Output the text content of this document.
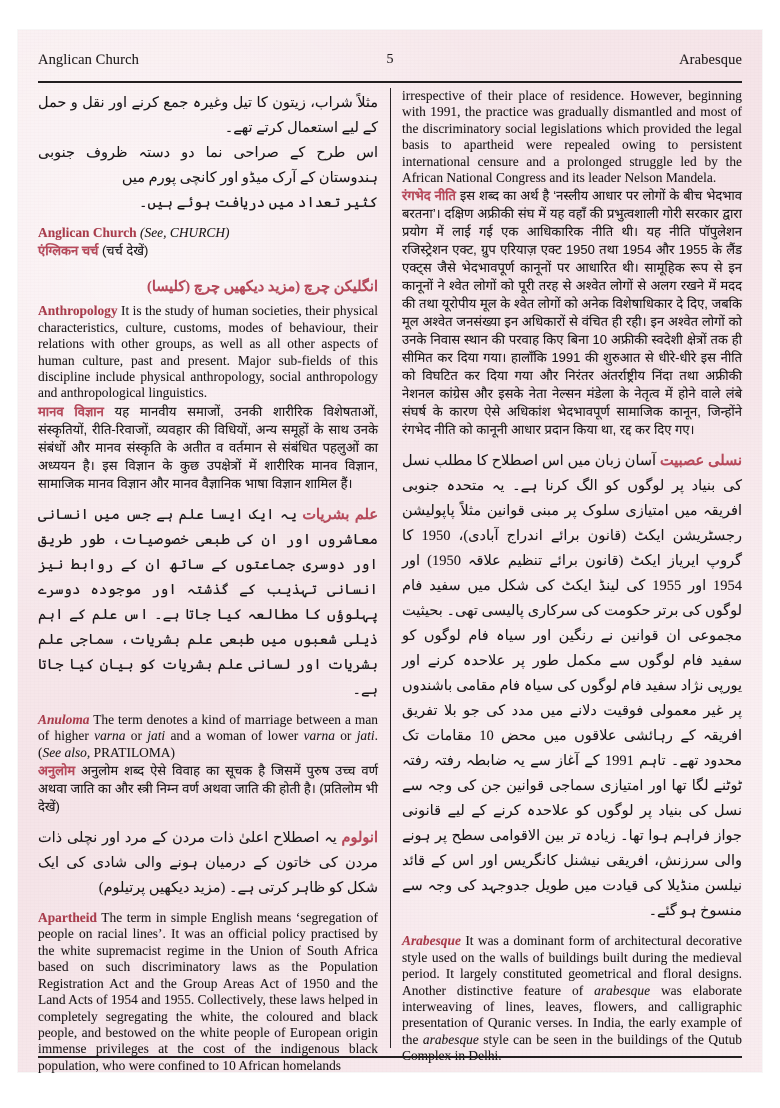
Anglican Church	5	Arabesque
مثلاً شراب، زیتون کا تیل وغیرہ جمع کرنے اور نقل و حمل کے لیے استعمال کرتے تھے۔
اس طرح کے صراحی نما دو دستہ ظروف جنوبی ہندوستان کے آرک میڈو اور کانچی پورم میں
کثیر تعداد میں دریافت ہوئے ہیں۔

Anglican Church (See, CHURCH)

एंग्लिकन चर्च (चर्च देखें)

انگلیکن چرچ (مزید دیکھیں چرچ (کلیسا)

Anthropology It is the study of human societies, their physical characteristics, culture, customs, modes of behaviour, their relations with other groups, as well as all other aspects of human culture, past and present. Major sub-fields of this discipline include physical anthropology, social anthropology and anthropological linguistics.

मानव विज्ञान यह मानवीय समाजों, उनकी शारीरिक विशेषताओं, संस्कृतियों, रीति-रिवाजों, व्यवहार की विधियों, अन्य समूहों के साथ उनके संबंधों और मानव संस्कृति के अतीत व वर्तमान से संबंधित पहलुओं का अध्ययन है। इस विज्ञान के कुछ उपक्षेत्रों में शारीरिक मानव विज्ञान, सामाजिक मानव विज्ञान और मानव वैज्ञानिक भाषा विज्ञान शामिल हैं।

علم بشریات یہ ایک ایسا علم ہے جس میں انسانی معاشروں اور ان کی طبعی خصوصیات، طور طریق اور دوسری جماعتوں کے ساتھ ان کے روابط نیز انسانی تہذیب کے گذشتہ اور موجودہ دوسرے پہلوؤں کا مطالعہ کیا جاتا ہے۔ اس علم کے اہم ذیلی شعبوں میں طبعی علم بشریات، سماجی علم بشریات اور لسانی علم بشریات کو بیان کیا جاتا ہے۔

Anuloma The term denotes a kind of marriage between a man of higher varna or jati and a woman of lower varna or jati. (See also, PRATILOMA)

अनुलोम अनुलोम शब्द ऐसे विवाह का सूचक है जिसमें पुरुष उच्च वर्ण अथवा जाति का और स्त्री निम्न वर्ण अथवा जाति की होती है। (प्रतिलोम भी देखें)

انولوم یہ اصطلاح اعلیٰ ذات مردن کے مرد اور نچلی ذات مردن کی خاتون کے درمیان ہونے والی شادی کی ایک شکل کو ظاہر کرتی ہے۔ (مزید دیکھیں پرتیلوم)

Apartheid The term in simple English means ‘segregation of people on racial lines’. It was an official policy practised by the white supremacist regime in the Union of South Africa based on such discriminatory laws as the Population Registration Act and the Group Areas Act of 1950 and the Land Acts of 1954 and 1955. Collectively, these laws helped in completely segregating the white, the coloured and black people, and bestowed on the white people of European origin immense privileges at the cost of the indigenous black population, who were confined to 10 African homelands

irrespective of their place of residence. However, beginning with 1991, the practice was gradually dismantled and most of the discriminatory social legislations which provided the legal basis to apartheid were repealed owing to persistent international censure and a prolonged struggle led by the African National Congress and its leader Nelson Mandela.

रंगभेद नीति इस शब्द का अर्थ है ‘नस्लीय आधार पर लोगों के बीच भेदभाव बरतना’। दक्षिण अफ्रीकी संघ में यह वहाँ की प्रभुत्वशाली गोरी सरकार द्वारा प्रयोग में लाई गई एक आधिकारिक नीति थी। यह नीति पॉपुलेशन रजिस्ट्रेशन एक्ट, ग्रुप एरियाज़ एक्ट 1950 तथा 1954 और 1955 के लैंड एक्ट्स जैसे भेदभावपूर्ण कानूनों पर आधारित थी। सामूहिक रूप से इन कानूनों ने श्वेत लोगों को पूरी तरह से अश्वेत लोगों से अलग रखने में मदद की तथा यूरोपीय मूल के श्वेत लोगों को अनेक विशेषाधिकार दे दिए, जबकि मूल अश्वेत जनसंख्या इन अधिकारों से वंचित ही रही। इन अश्वेत लोगों को उनके निवास स्थान की परवाह किए बिना 10 अफ्रीकी स्वदेशी क्षेत्रों तक ही सीमित कर दिया गया। हालाँकि 1991 की शुरुआत से धीरे-धीरे इस नीति को विघटित कर दिया गया और निरंतर अंतर्राष्ट्रीय निंदा तथा अफ्रीकी नेशनल कांग्रेस और इसके नेता नेल्सन मंडेला के नेतृत्व में होने वाले लंबे संघर्ष के कारण ऐसे अधिकांश भेदभावपूर्ण सामाजिक कानून, जिन्होंने रंगभेद नीति को कानूनी आधार प्रदान किया था, रद्द कर दिए गए।

نسلی عصبیت آسان زبان میں اس اصطلاح کا مطلب نسل کی بنیاد پر لوگوں کو الگ کرنا ہے۔ یہ متحدہ جنوبی افریقہ میں امتیازی سلوک پر مبنی قوانین مثلاً پاپولیشن رجسٹریشن ایکٹ (قانون برائے اندراج آبادی)، 1950 کا گروپ ایریاز ایکٹ (قانون برائے تنظیم علاقہ 1950) اور 1954 اور 1955 کی لینڈ ایکٹ کی شکل میں سفید فام لوگوں کی برتر حکومت کی سرکاری پالیسی تھی۔ بحیثیت مجموعی ان قوانین نے رنگین اور سیاہ فام لوگوں کو سفید فام لوگوں سے مکمل طور پر علاحدہ کرنے اور یورپی نژاد سفید فام لوگوں کی سیاہ فام مقامی باشندوں پر غیر معمولی فوقیت دلانے میں مدد کی جو بلا تفریق افریقہ کے رہائشی علاقوں میں محض 10 مقامات تک محدود تھے۔ تاہم 1991 کے آغاز سے یہ ضابطہ رفتہ رفتہ ٹوٹنے لگا تھا اور امتیازی سماجی قوانین جن کی وجہ سے نسل کی بنیاد پر لوگوں کو علاحدہ کرنے کے لیے قانونی جواز فراہم ہوا تھا۔ زیادہ تر بین الاقوامی سطح پر ہونے والی سرزنش، افریقی نیشنل کانگریس اور اس کے قائد نیلسن منڈیلا کی قیادت میں طویل جدوجہد کی وجہ سے منسوخ ہو گئے۔

Arabesque It was a dominant form of architectural decorative style used on the walls of buildings built during the medieval period. It largely constituted geometrical and floral designs. Another distinctive feature of arabesque was elaborate interweaving of lines, leaves, flowers, and calligraphic presentation of Quranic verses. In India, the early example of the arabesque style can be seen in the buildings of the Qutub Complex in Delhi.
